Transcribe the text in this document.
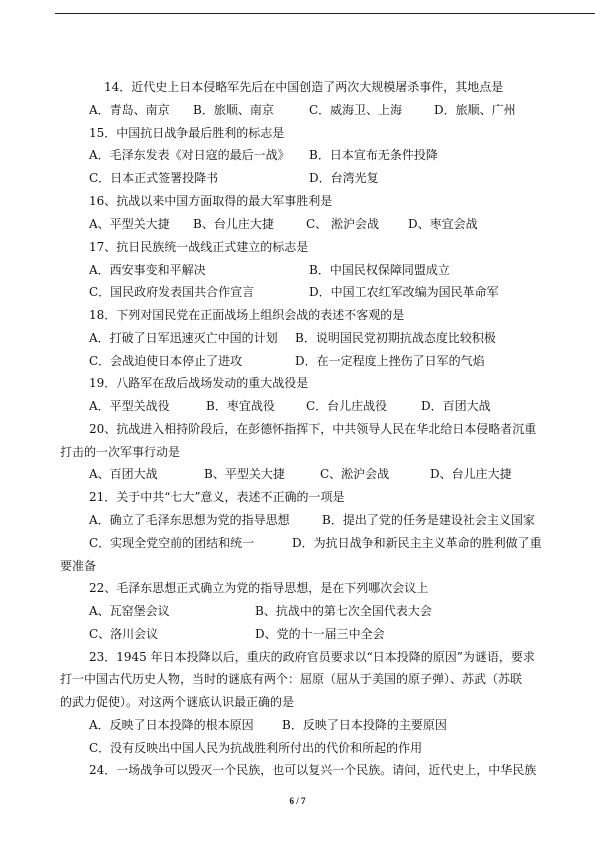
14．近代史上日本侵略军先后在中国创造了两次大规模屠杀事件，其地点是
A．青岛、南京 B．旅顺、南京	C．威海卫、上海	D．旅顺、广州
15．中国抗日战争最后胜利的标志是
A．毛泽东发表《对日寇的最后一战》 B．日本宣布无条件投降
C．日本正式签署投降书	D．台湾光复
16、抗战以来中国方面取得的最大军事胜利是
A、平型关大捷 B、台儿庄大捷	C、 淞沪会战 D、枣宜会战
17、抗日民族统一战线正式建立的标志是
A．西安事变和平解决	B．中国民权保障同盟成立
C．国民政府发表国共合作宣言	D．中国工农红军改编为国民革命军
18．下列对国民党在正面战场上组织会战的表述不客观的是
A．打破了日军迅速灭亡中国的计划 B．说明国民党初期抗战态度比较积极
C．会战迫使日本停止了进攻	D．在一定程度上挫伤了日军的气焰
19．八路军在敌后战场发动的重大战役是
A．平型关战役	B．枣宜战役	C．台儿庄战役	D．百团大战
20、抗战进入相持阶段后，在彭德怀指挥下，中共领导人民在华北给日本侵略者沉重
打击的一次军事行动是
A、百团大战	B、平型关大捷	C、淞沪会战	D、台儿庄大捷
21．关于中共“七大”意义，表述不正确的一项是
A．确立了毛泽东思想为党的指导思想	B．提出了党的任务是建设社会主义国家
C．实现全党空前的团结和统一	D．为抗日战争和新民主主义革命的胜利做了重
要准备
22、毛泽东思想正式确立为党的指导思想，是在下列哪次会议上
A、瓦窑堡会议	B、抗战中的第七次全国代表大会
C、洛川会议	D、党的十一届三中全会
23．1945 年日本投降以后，重庆的政府官员要求以“日本投降的原因”为谜语，要求
打一中国古代历史人物，当时的谜底有两个：屈原（屈从于美国的原子弹）、苏武（苏联
的武力促使）。对这两个谜底认识最正确的是
A．反映了日本投降的根本原因 B．反映了日本投降的主要原因
C．没有反映出中国人民为抗战胜利所付出的代价和所起的作用
24．一场战争可以毁灭一个民族，也可以复兴一个民族。请问，近代史上，中华民族
6 / 7
